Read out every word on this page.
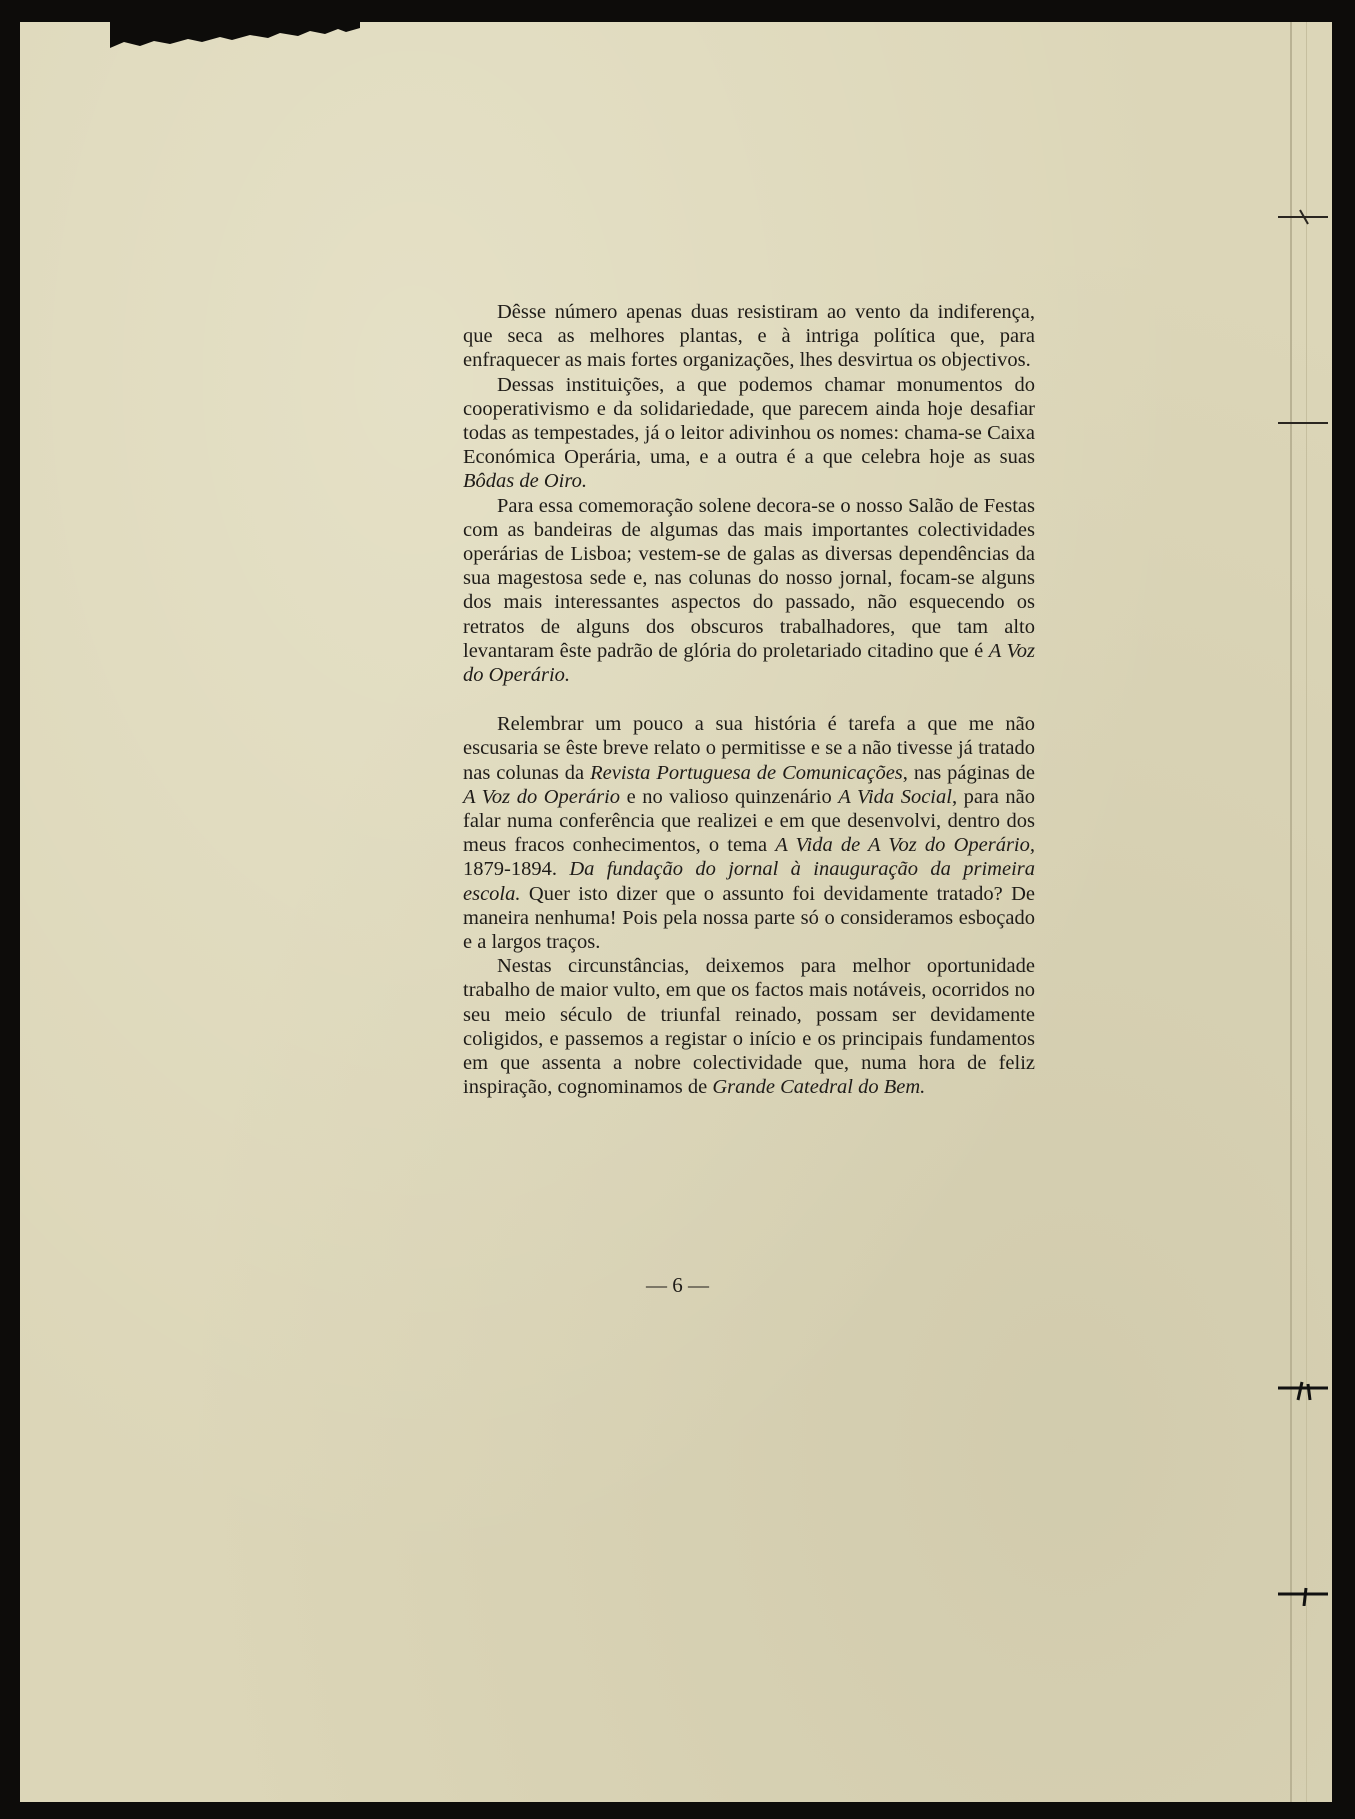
Dêsse número apenas duas resistiram ao vento da indiferença, que seca as melhores plantas, e à intriga política que, para enfraquecer as mais fortes organizações, lhes desvirtua os objectivos.

Dessas instituições, a que podemos chamar monumentos do cooperativismo e da solidariedade, que parecem ainda hoje desafiar todas as tempestades, já o leitor adivinhou os nomes: chama-se Caixa Económica Operária, uma, e a outra é a que celebra hoje as suas Bôdas de Oiro.

Para essa comemoração solene decora-se o nosso Salão de Festas com as bandeiras de algumas das mais importantes colectividades operárias de Lisboa; vestem-se de galas as diversas dependências da sua magestosa sede e, nas colunas do nosso jornal, focam-se alguns dos mais interessantes aspectos do passado, não esquecendo os retratos de alguns dos obscuros trabalhadores, que tam alto levantaram êste padrão de glória do proletariado citadino que é A Voz do Operário.

Relembrar um pouco a sua história é tarefa a que me não escusaria se êste breve relato o permitisse e se a não tivesse já tratado nas colunas da Revista Portuguesa de Comunicações, nas páginas de A Voz do Operário e no valioso quinzenário A Vida Social, para não falar numa conferência que realizei e em que desenvolvi, dentro dos meus fracos conhecimentos, o tema A Vida de A Voz do Operário, 1879-1894. Da fundação do jornal à inauguração da primeira escola. Quer isto dizer que o assunto foi devidamente tratado? De maneira nenhuma! Pois pela nossa parte só o consideramos esboçado e a largos traços.

Nestas circunstâncias, deixemos para melhor oportunidade trabalho de maior vulto, em que os factos mais notáveis, ocorridos no seu meio século de triunfal reinado, possam ser devidamente coligidos, e passemos a registar o início e os principais fundamentos em que assenta a nobre colectividade que, numa hora de feliz inspiração, cognominamos de Grande Catedral do Bem.

— 6 —
